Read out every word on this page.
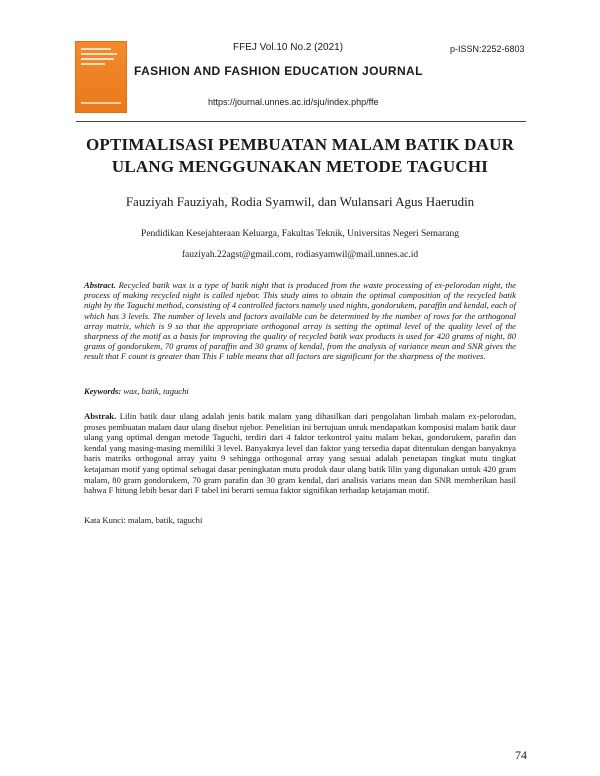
FFEJ Vol.10 No.2 (2021)	p-ISSN:2252-6803
FASHION AND FASHION EDUCATION JOURNAL
https://journal.unnes.ac.id/sju/index.php/ffe
OPTIMALISASI PEMBUATAN MALAM BATIK DAUR ULANG MENGGUNAKAN METODE TAGUCHI
Fauziyah Fauziyah, Rodia Syamwil, dan Wulansari Agus Haerudin
Pendidikan Kesejahteraan Keluarga, Fakultas Teknik, Universitas Negeri Semarang
fauziyah.22agst@gmail.com, rodiasyamwil@mail.unnes.ac.id
Abstract. Recycled batik wax is a type of batik night that is produced from the waste processing of ex-pelorodan night, the process of making recycled night is called njebor. This study aims to obtain the optimal composition of the recycled batik night by the Taguchi method, consisting of 4 controlled factors namely used nights, gondorukem, paraffin and kendal, each of which has 3 levels. The number of levels and factors available can be determined by the number of rows for the orthogonal array matrix, which is 9 so that the appropriate orthogonal array is setting the optimal level of the quality level of the sharpness of the motif as a basis for improving the quality of recycled batik wax products is used for 420 grams of night, 80 grams of gondorukem, 70 grams of paraffin and 30 grams of kendal, from the analysis of variance mean and SNR gives the result that F count is greater than This F table means that all factors are significant for the sharpness of the motives.
Keywords: wax, batik, taguchi
Abstrak. Lilin batik daur ulang adalah jenis batik malam yang dihasilkan dari pengolahan limbah malam ex-pelorodan, proses pembuatan malam daur ulang disebut njebor. Penelitian ini bertujuan untuk mendapatkan komposisi malam batik daur ulang yang optimal dengan metode Taguchi, terdiri dari 4 faktor terkontrol yaitu malam bekas, gondorukem, parafin dan kendal yang masing-masing memiliki 3 level. Banyaknya level dan faktor yang tersedia dapat ditentukan dengan banyaknya baris matriks orthogonal array yaitu 9 sehingga orthogonal array yang sesuai adalah penetapan tingkat mutu tingkat ketajaman motif yang optimal sebagai dasar peningkatan mutu produk daur ulang batik lilin yang digunakan untuk 420 gram malam, 80 gram gondorukem, 70 gram parafin dan 30 gram kendal, dari analisis varians mean dan SNR memberikan hasil bahwa F hitung lebih besar dari F tabel ini berarti semua faktor signifikan terhadap ketajaman motif.
Kata Kunci: malam, batik, taguchi
74
